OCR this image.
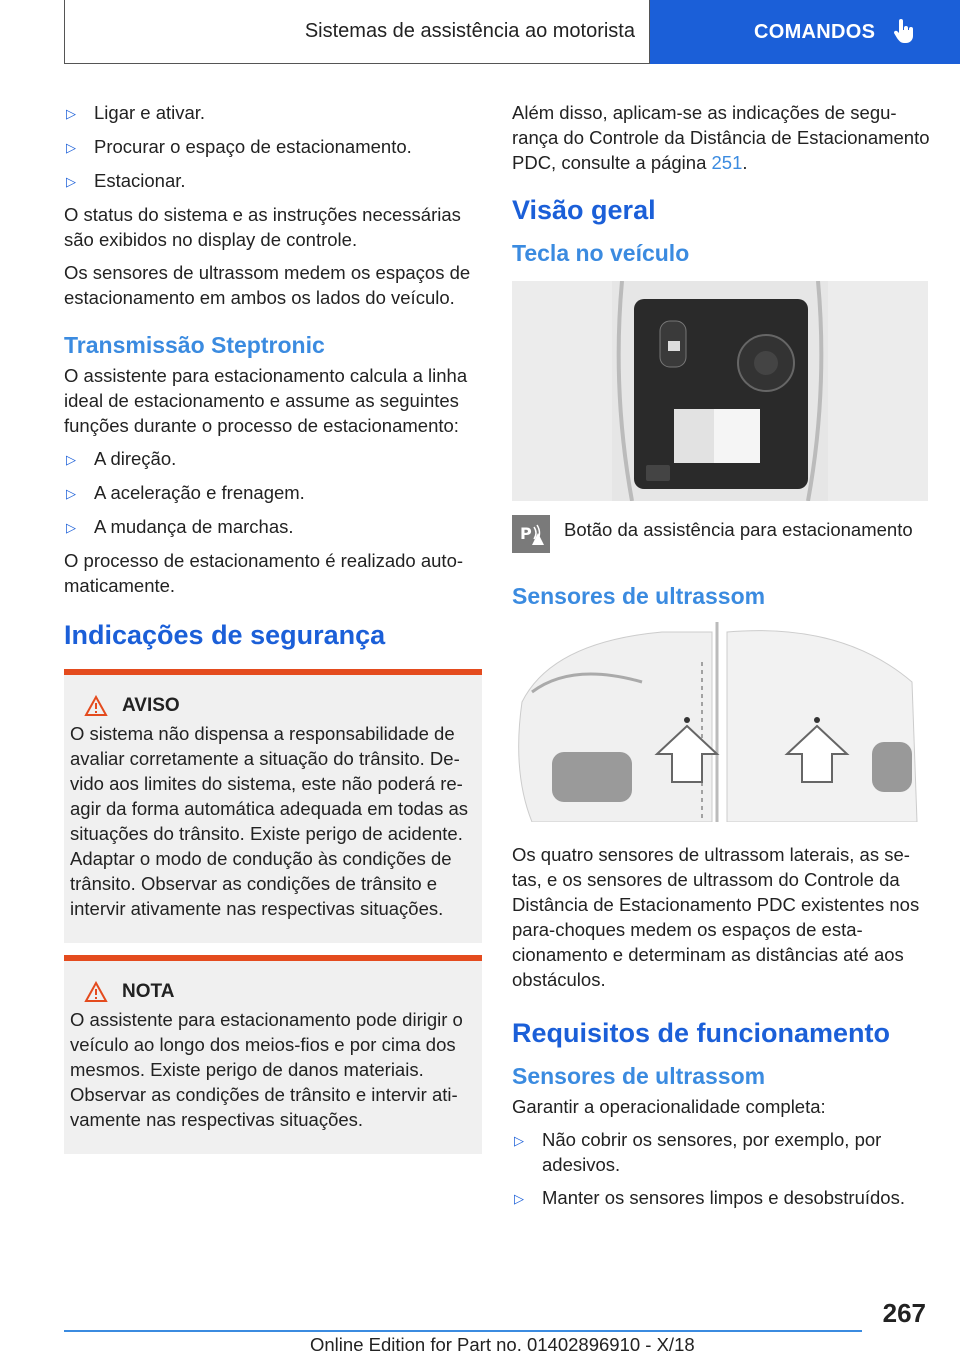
Sistemas de assistência ao motorista	COMANDOS
▷ Ligar e ativar.
▷ Procurar o espaço de estacionamento.
▷ Estacionar.

O status do sistema e as instruções necessárias são exibidos no display de controle.

Os sensores de ultrassom medem os espaços de estacionamento em ambos os lados do veículo.

Transmissão Steptronic

O assistente para estacionamento calcula a linha ideal de estacionamento e assume as seguintes funções durante o processo de estacionamento:

▷ A direção.
▷ A aceleração e frenagem.
▷ A mudança de marchas.

O processo de estacionamento é realizado automaticamente.

Indicações de segurança
AVISO

O sistema não dispensa a responsabilidade de avaliar corretamente a situação do trânsito. Devido aos limites do sistema, este não poderá reagir da forma automática adequada em todas as situações do trânsito. Existe perigo de acidente. Adaptar o modo de condução às condições de trânsito. Observar as condições de trânsito e intervir ativamente nas respectivas situações.

NOTA

O assistente para estacionamento pode dirigir o veículo ao longo dos meios-fios e por cima dos mesmos. Existe perigo de danos materiais. Observar as condições de trânsito e intervir ativamente nas respectivas situações.

Além disso, aplicam-se as indicações de segurança do Controle da Distância de Estacionamento PDC, consulte a página 251.

Visão geral
Tecla no veículo
P Botão da assistência para estacionamento
Sensores de ultrassom

Os quatro sensores de ultrassom laterais, as setas, e os sensores de ultrassom do Controle da Distância de Estacionamento PDC existentes nos para-choques medem os espaços de estacionamento e determinam as distâncias até aos obstáculos.

Requisitos de funcionamento
Sensores de ultrassom

Garantir a operacionalidade completa:

▷ Não cobrir os sensores, por exemplo, por adesivos.
▷ Manter os sensores limpos e desobstruídos.
267
Online Edition for Part no. 01402896910 - X/18
